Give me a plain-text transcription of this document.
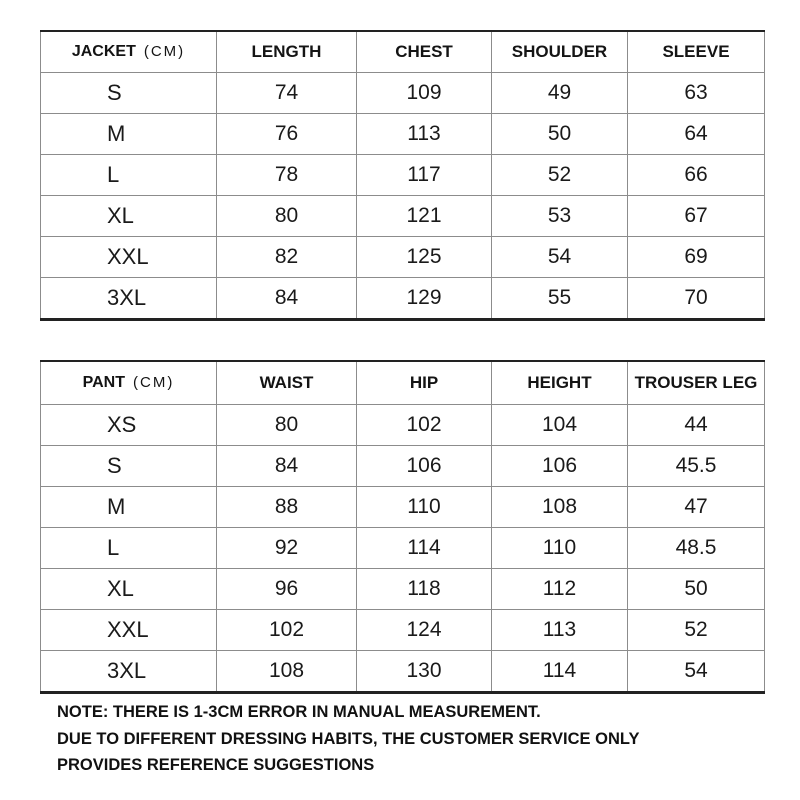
JACKET (CM)	LENGTH	CHEST	SHOULDER	SLEEVE
S	74	109	49	63
M	76	113	50	64
L	78	117	52	66
XL	80	121	53	67
XXL	82	125	54	69
3XL	84	129	55	70
PANT (CM)	WAIST	HIP	HEIGHT	TROUSER LEG
XS	80	102	104	44
S	84	106	106	45.5
M	88	110	108	47
L	92	114	110	48.5
XL	96	118	112	50
XXL	102	124	113	52
3XL	108	130	114	54
NOTE: THERE IS 1-3CM ERROR IN MANUAL MEASUREMENT.
DUE TO DIFFERENT DRESSING HABITS, THE CUSTOMER SERVICE ONLY
PROVIDES REFERENCE SUGGESTIONS
